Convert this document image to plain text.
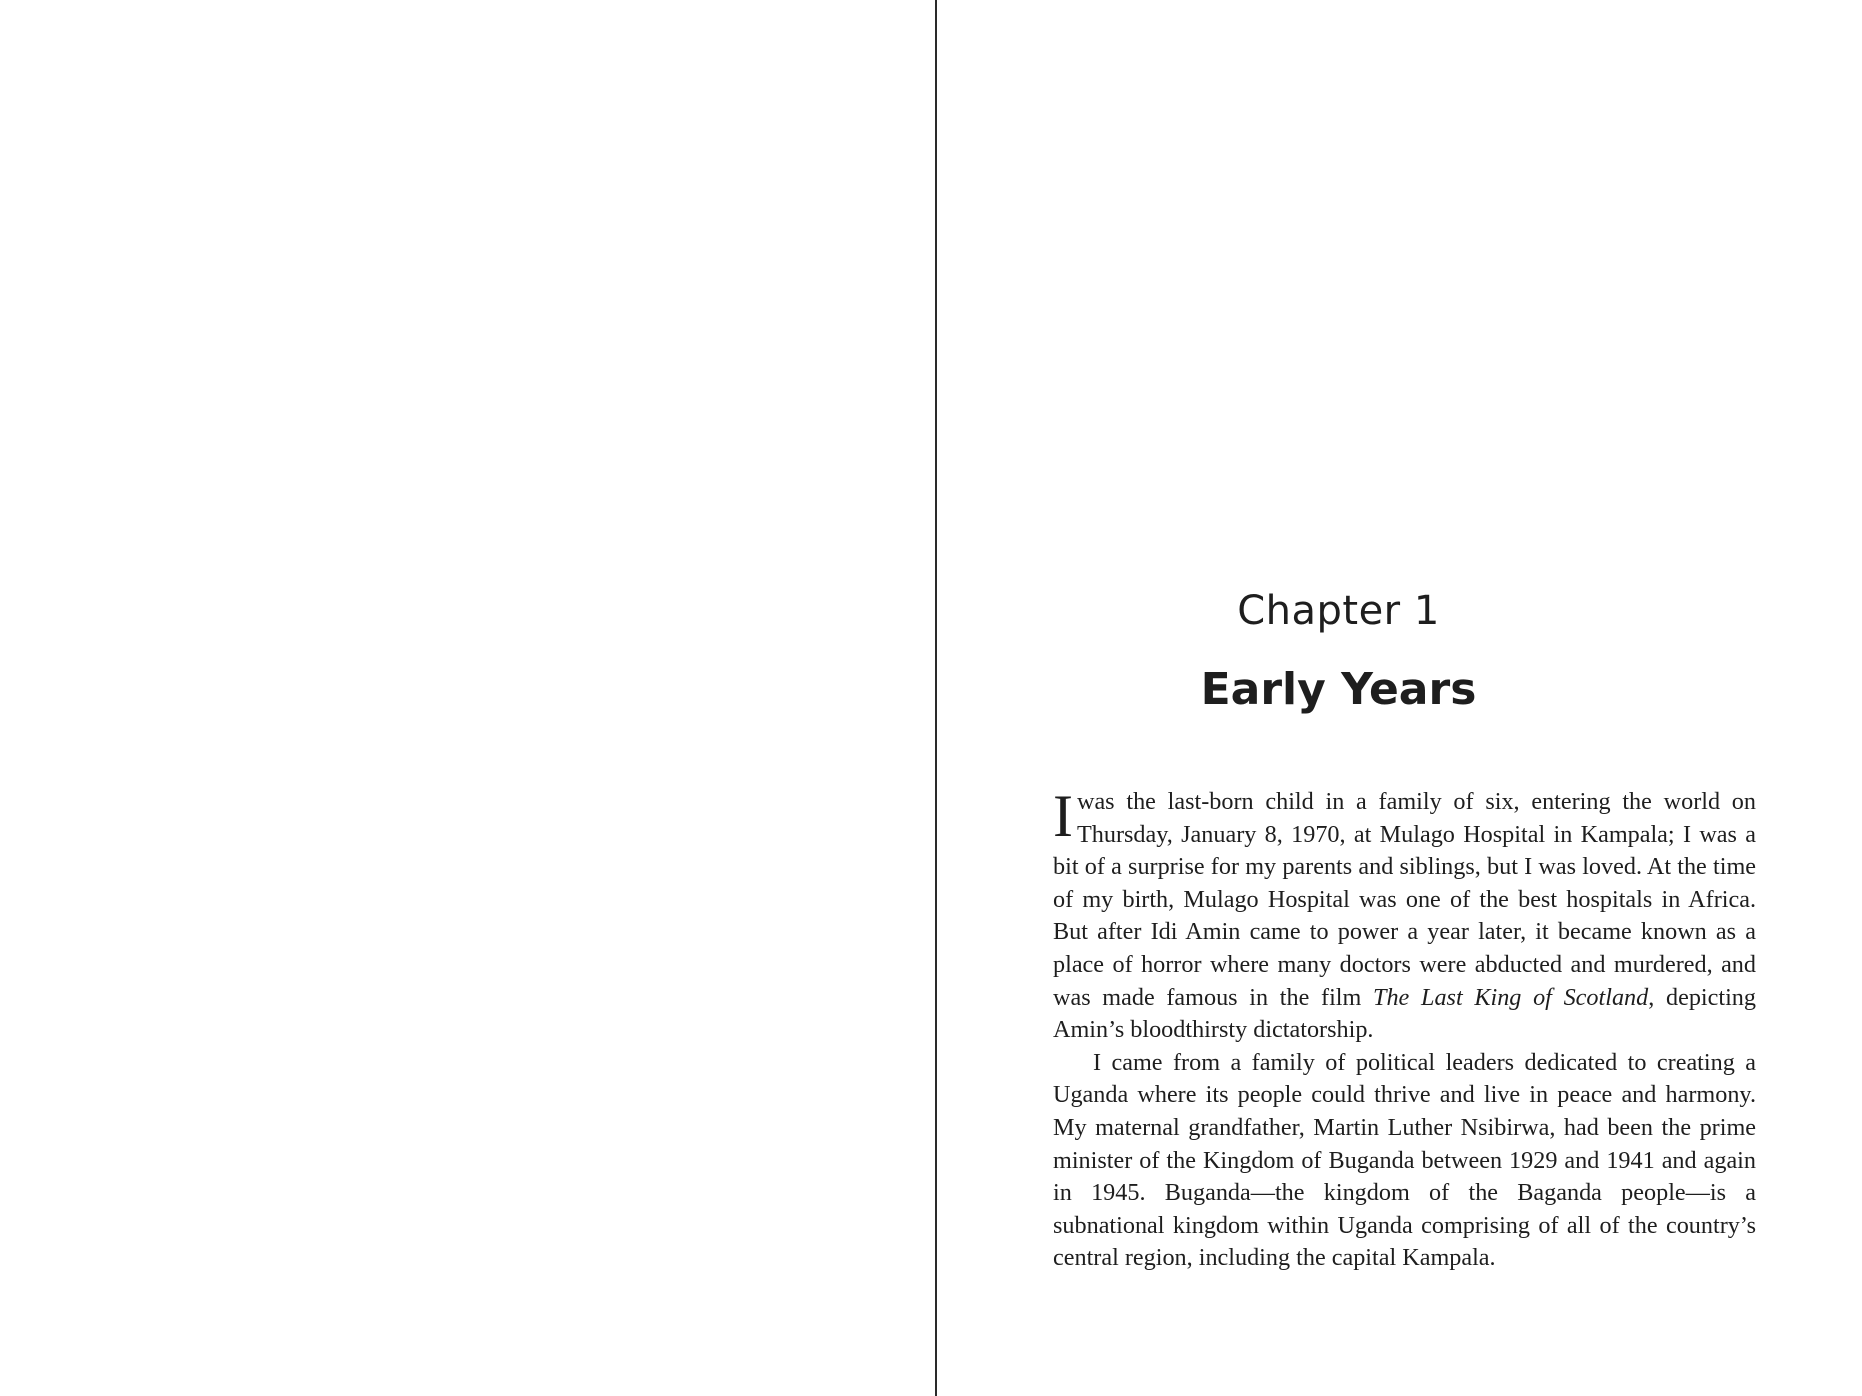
Chapter 1
Early Years

Iwas the last-born child in a family of six, entering the world on Thursday, January 8, 1970, at Mulago Hospital in Kampala; I was a bit of a surprise for my parents and siblings, but I was loved. At the time of my birth, Mulago Hospital was one of the best hospitals in Africa. But after Idi Amin came to power a year later, it became known as a place of horror where many doctors were abducted and murdered, and was made famous in the film The Last King of Scotland, depicting Amin’s bloodthirsty dictatorship.

I came from a family of political leaders dedicated to creating a Uganda where its people could thrive and live in peace and harmony. My maternal grandfather, Martin Luther Nsibirwa, had been the prime minister of the Kingdom of Buganda between 1929 and 1941 and again in 1945. Buganda—the kingdom of the Baganda people—is a subnational kingdom within Uganda comprising of all of the country’s central region, including the capital Kampala.
